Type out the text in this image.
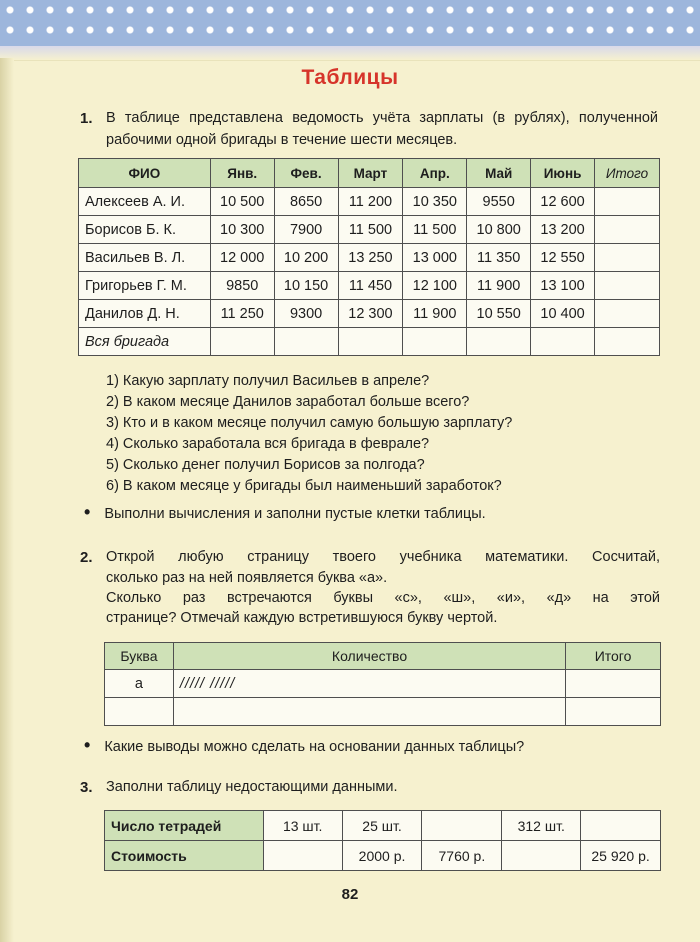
Таблицы
1. В таблице представлена ведомость учёта зарплаты (в рублях), полученной рабочими одной бригады в течение шести месяцев.
ФИО	Янв.	Фев.	Март	Апр.	Май	Июнь	Итого
Алексеев А. И.	10 500	8650	11 200	10 350	9550	12 600	
Борисов Б. К.	10 300	7900	11 500	11 500	10 800	13 200	
Васильев В. Л.	12 000	10 200	13 250	13 000	11 350	12 550	
Григорьев Г. М.	9850	10 150	11 450	12 100	11 900	13 100	
Данилов Д. Н.	11 250	9300	12 300	11 900	10 550	10 400	
Вся бригада							
1) Какую зарплату получил Васильев в апреле?
2) В каком месяце Данилов заработал больше всего?
3) Кто и в каком месяце получил самую большую зарплату?
4) Сколько заработала вся бригада в феврале?
5) Сколько денег получил Борисов за полгода?
6) В каком месяце у бригады был наименьший заработок?
• Выполни вычисления и заполни пустые клетки таблицы.
2. Открой любую страницу твоего учебника математики. Сосчитай,
сколько раз на ней появляется буква «а».
Сколько раз встречаются буквы «с», «ш», «и», «д» на этой
странице? Отмечай каждую встретившуюся букву чертой.
Буква	Количество	Итого
а	///// /////	

• Какие выводы можно сделать на основании данных таблицы?
3. Заполни таблицу недостающими данными.
Число тетрадей	13 шт.	25 шт.		312 шт.	
Стоимость		2000 р.	7760 р.		25 920 р.
82
